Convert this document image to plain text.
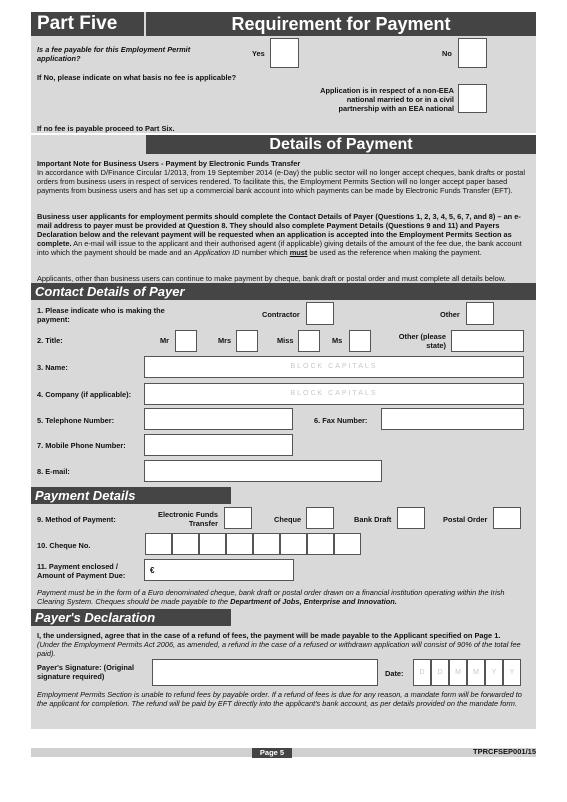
Part Five	Requirement for Payment
Is a fee payable for this Employment Permit application?
Yes	No
If No, please indicate on what basis no fee is applicable?
Application is in respect of a non-EEA national married to or in a civil partnership with an EEA national
If no fee is payable proceed to Part Six.
Details of Payment
Important Note for Business Users - Payment by Electronic Funds Transfer
In accordance with D/Finance Circular 1/2013, from 19 September 2014 (e-Day) the public sector will no longer accept cheques, bank drafts or postal orders from business users in respect of services rendered. To facilitate this, the Employment Permits Section will no longer accept paper based payments from business users and has set up a commercial bank account into which payments can be made by Electronic Funds Transfer (EFT).
Business user applicants for employment permits should complete the Contact Details of Payer (Questions 1, 2, 3, 4, 5, 6, 7, and 8) – an e-mail address to payer must be provided at Question 8. They should also complete Payment Details (Questions 9 and 11) and Payers Declaration below and the relevant payment will be requested when an application is accepted into the Employment Permits Section as complete. An e-mail will issue to the applicant and their authorised agent (if applicable) giving details of the amount of the fee due, the bank account into which the payment should be made and an Application ID number which must be used as the reference when making the payment.
Applicants, other than business users can continue to make payment by cheque, bank draft or postal order and must complete all details below.
Contact Details of Payer
1. Please indicate who is making the payment:
Contractor	Other
2. Title:	Mr	Mrs	Miss	Ms	Other (please state)
3. Name:	BLOCK CAPITALS
4. Company (if applicable):	BLOCK CAPITALS
5. Telephone Number:	6. Fax Number:
7. Mobile Phone Number:
8. E-mail:
Payment Details
9. Method of Payment:
Electronic Funds Transfer	Cheque	Bank Draft	Postal Order
10. Cheque No.
11. Payment enclosed / Amount of Payment Due:
€
Payment must be in the form of a Euro denominated cheque, bank draft or postal order drawn on a financial institution operating within the Irish Clearing System. Cheques should be made payable to the Department of Jobs, Enterprise and Innovation.
Payer's Declaration
I, the undersigned, agree that in the case of a refund of fees, the payment will be made payable to the Applicant specified on Page 1.
(Under the Employment Permits Act 2006, as amended, a refund in the case of a refused or withdrawn application will consist of 90% of the total fee paid).
Payer's Signature: (Original signature required)	Date:	D	D	M	M	Y	Y
Employment Permits Section is unable to refund fees by payable order. If a refund of fees is due for any reason, a mandate form will be forwarded to the applicant for completion. The refund will be paid by EFT directly into the applicant's bank account, as per details provided on the mandate form.
Page 5	TPRCFSEP001/15
